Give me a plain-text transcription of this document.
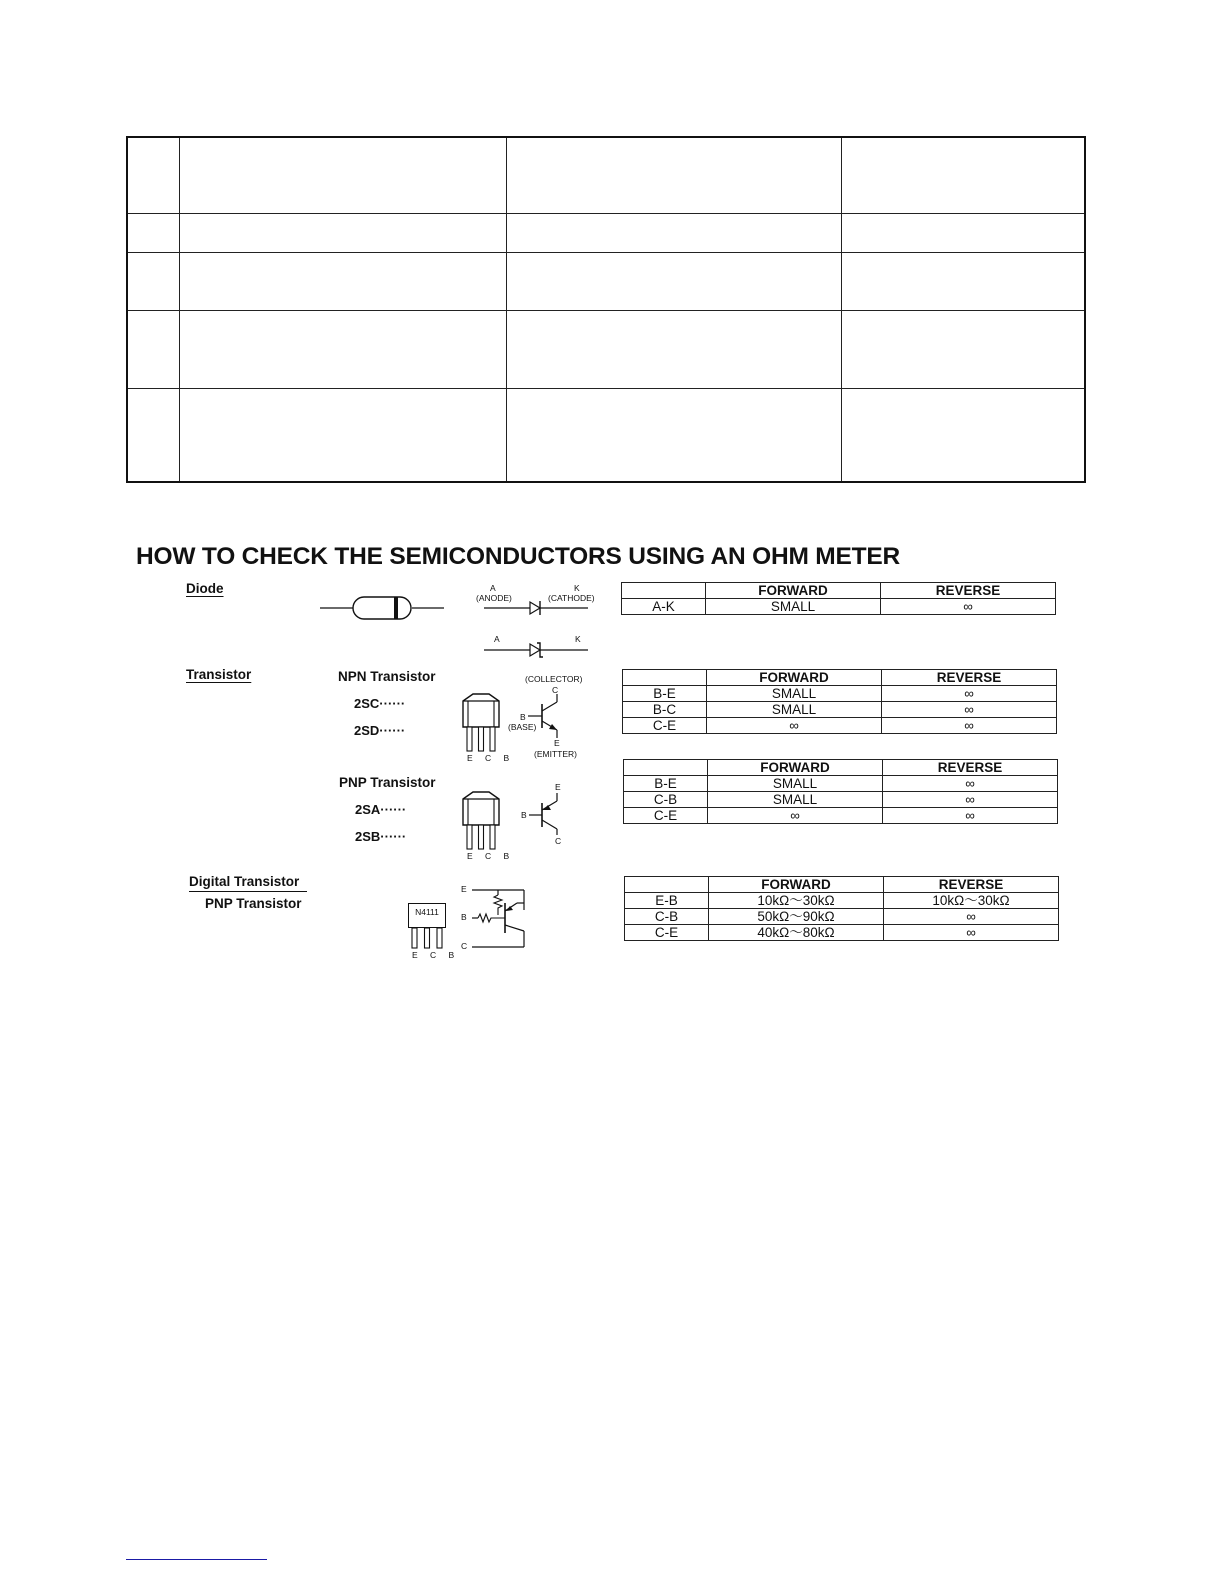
HOW TO CHECK THE SEMICONDUCTORS USING AN OHM METER
Diode	A
(ANODE)
K
(CATHODE)
A	K
	FORWARD	REVERSE
A-K	SMALL	∞
Transistor	NPN Transistor
2SC······
2SD······
E C B
(COLLECTOR)
C
B
(BASE)
E
(EMITTER)
	FORWARD	REVERSE
B-E	SMALL	∞
B-C	SMALL	∞
C-E	∞	∞
PNP Transistor
2SA······
2SB······
E C B
E
B
C
	FORWARD	REVERSE
B-E	SMALL	∞
C-B	SMALL	∞
C-E	∞	∞
Digital Transistor
PNP Transistor
N4111
E C B
E
B
C
	FORWARD	REVERSE
E-B	10kΩ～30kΩ	10kΩ～30kΩ
C-B	50kΩ～90kΩ	∞
C-E	40kΩ～80kΩ	∞
